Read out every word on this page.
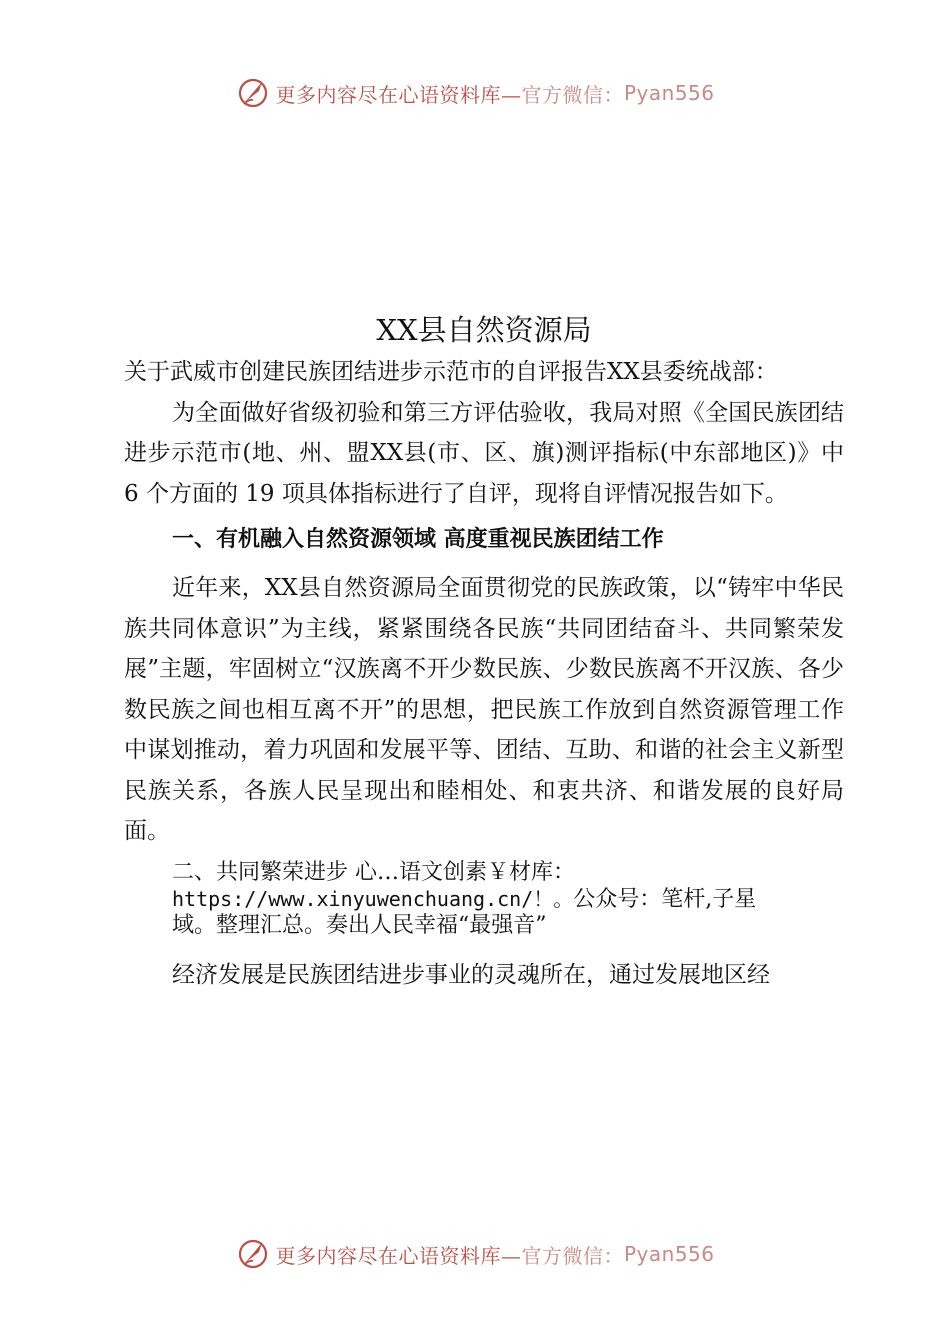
更多内容尽在心语资料库— 官方微信： Pyan556
XX县自然资源局

关于武威市创建民族团结进步示范市的自评报告XX县委统战部：

为全面做好省级初验和第三方评估验收，我局对照《全国民族团结进步示范市(地、州、盟XX县(市、区、旗)测评指标(中东部地区)》中 6 个方面的 19 项具体指标进行了自评，现将自评情况报告如下。

一、有机融入自然资源领域 高度重视民族团结工作

近年来，XX县自然资源局全面贯彻党的民族政策，以“铸牢中华民族共同体意识”为主线，紧紧围绕各民族“共同团结奋斗、共同繁荣发展”主题，牢固树立“汉族离不开少数民族、少数民族离不开汉族、各少数民族之间也相互离不开”的思想，把民族工作放到自然资源管理工作中谋划推动，着力巩固和发展平等、团结、互助、和谐的社会主义新型民族关系，各族人民呈现出和睦相处、和衷共济、和谐发展的良好局面。

二、共同繁荣进步 心…语文创素￥材库：
https://www.xinyuwenchuang.cn/！。公众号：笔杆,子星
域。整理汇总。奏出人民幸福“最强音”

经济发展是民族团结进步事业的灵魂所在，通过发展地区经

更多内容尽在心语资料库— 官方微信： Pyan556
